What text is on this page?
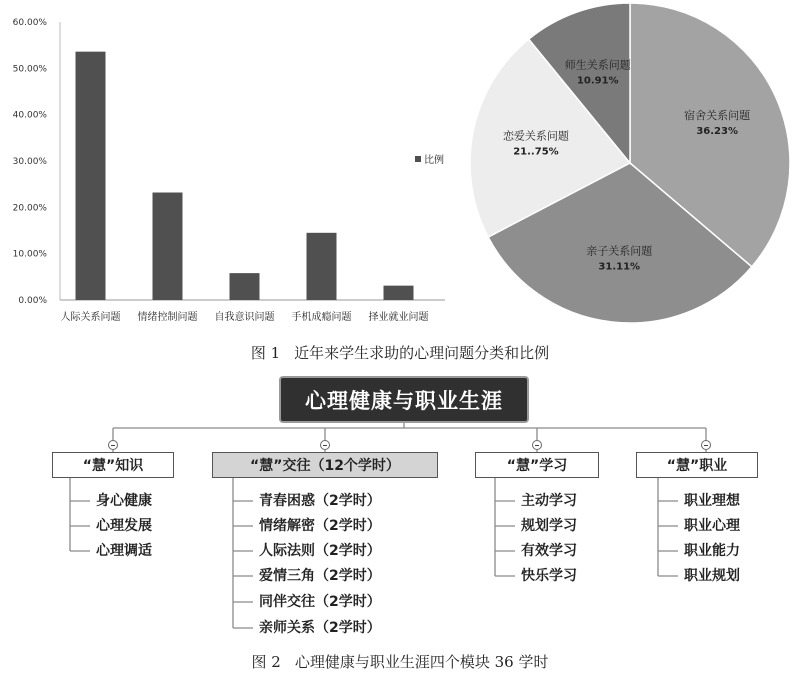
0.00%
10.00%
20.00%
30.00%
40.00%
50.00%
60.00%
人际关系问题 情绪控制问题 自我意识问题 手机成瘾问题 择业就业问题
比例
宿舍关系问题
36.23%
亲子关系问题
31.11%
恋爱关系问题
21..75%
师生关系问题
10.91%
图 1 近年来学生求助的心理问题分类和比例
心理健康与职业生涯
“慧”知识	“慧”交往（12个学时）	“慧”学习	“慧”职业
身心健康
心理发展
心理调适
青春困惑（2学时）
情绪解密（2学时）
人际法则（2学时）
爱情三角（2学时）
同伴交往（2学时）
亲师关系（2学时）
主动学习
规划学习
有效学习
快乐学习
职业理想
职业心理
职业能力
职业规划
图 2 心理健康与职业生涯四个模块 36 学时
